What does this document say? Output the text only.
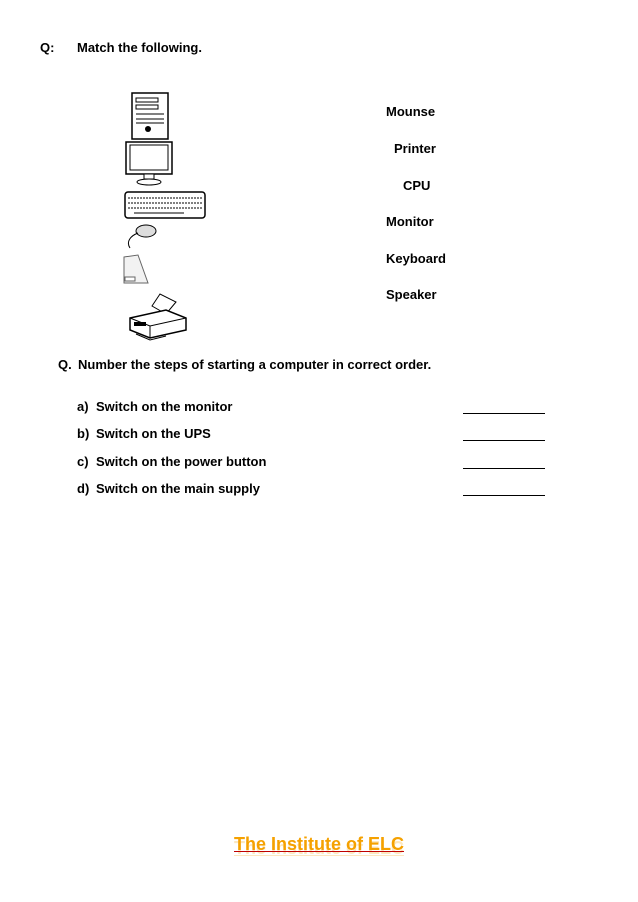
Q: Match the following.
Mounse
Printer
CPU
Monitor
Keyboard
Speaker
Q. Number the steps of starting a computer in correct order.
a) Switch on the monitor
b) Switch on the UPS
c) Switch on the power button
d) Switch on the main supply
The Institute of ELC
